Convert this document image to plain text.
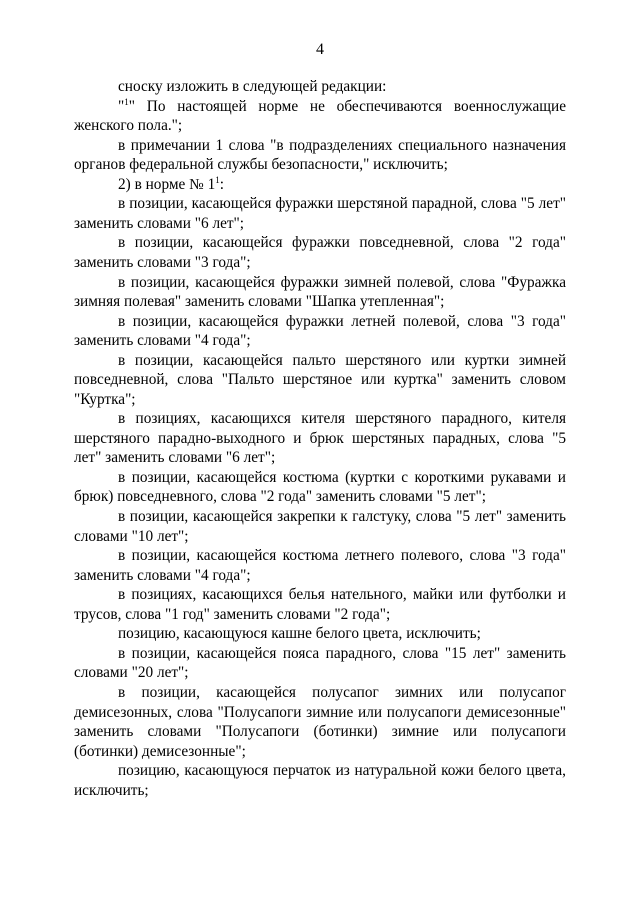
4

сноску изложить в следующей редакции:

"$^1$" По настоящей норме не обеспечиваются военнослужащие женского пола.";

в примечании 1 слова "в подразделениях специального назначения органов федеральной службы безопасности," исключить;

2) в норме № $1^1$:

в позиции, касающейся фуражки шерстяной парадной, слова "5 лет" заменить словами "6 лет";

в позиции, касающейся фуражки повседневной, слова "2 года" заменить словами "3 года";

в позиции, касающейся фуражки зимней полевой, слова "Фуражка зимняя полевая" заменить словами "Шапка утепленная";

в позиции, касающейся фуражки летней полевой, слова "3 года" заменить словами "4 года";

в позиции, касающейся пальто шерстяного или куртки зимней повседневной, слова "Пальто шерстяное или куртка" заменить словом "Куртка";

в позициях, касающихся кителя шерстяного парадного, кителя шерстяного парадно-выходного и брюк шерстяных парадных, слова "5 лет" заменить словами "6 лет";

в позиции, касающейся костюма (куртки с короткими рукавами и брюк) повседневного, слова "2 года" заменить словами "5 лет";

в позиции, касающейся закрепки к галстуку, слова "5 лет" заменить словами "10 лет";

в позиции, касающейся костюма летнего полевого, слова "3 года" заменить словами "4 года";

в позициях, касающихся белья нательного, майки или футболки и трусов, слова "1 год" заменить словами "2 года";

позицию, касающуюся кашне белого цвета, исключить;

в позиции, касающейся пояса парадного, слова "15 лет" заменить словами "20 лет";

в позиции, касающейся полусапог зимних или полусапог демисезонных, слова "Полусапоги зимние или полусапоги демисезонные" заменить словами "Полусапоги (ботинки) зимние или полусапоги (ботинки) демисезонные";

позицию, касающуюся перчаток из натуральной кожи белого цвета, исключить;
